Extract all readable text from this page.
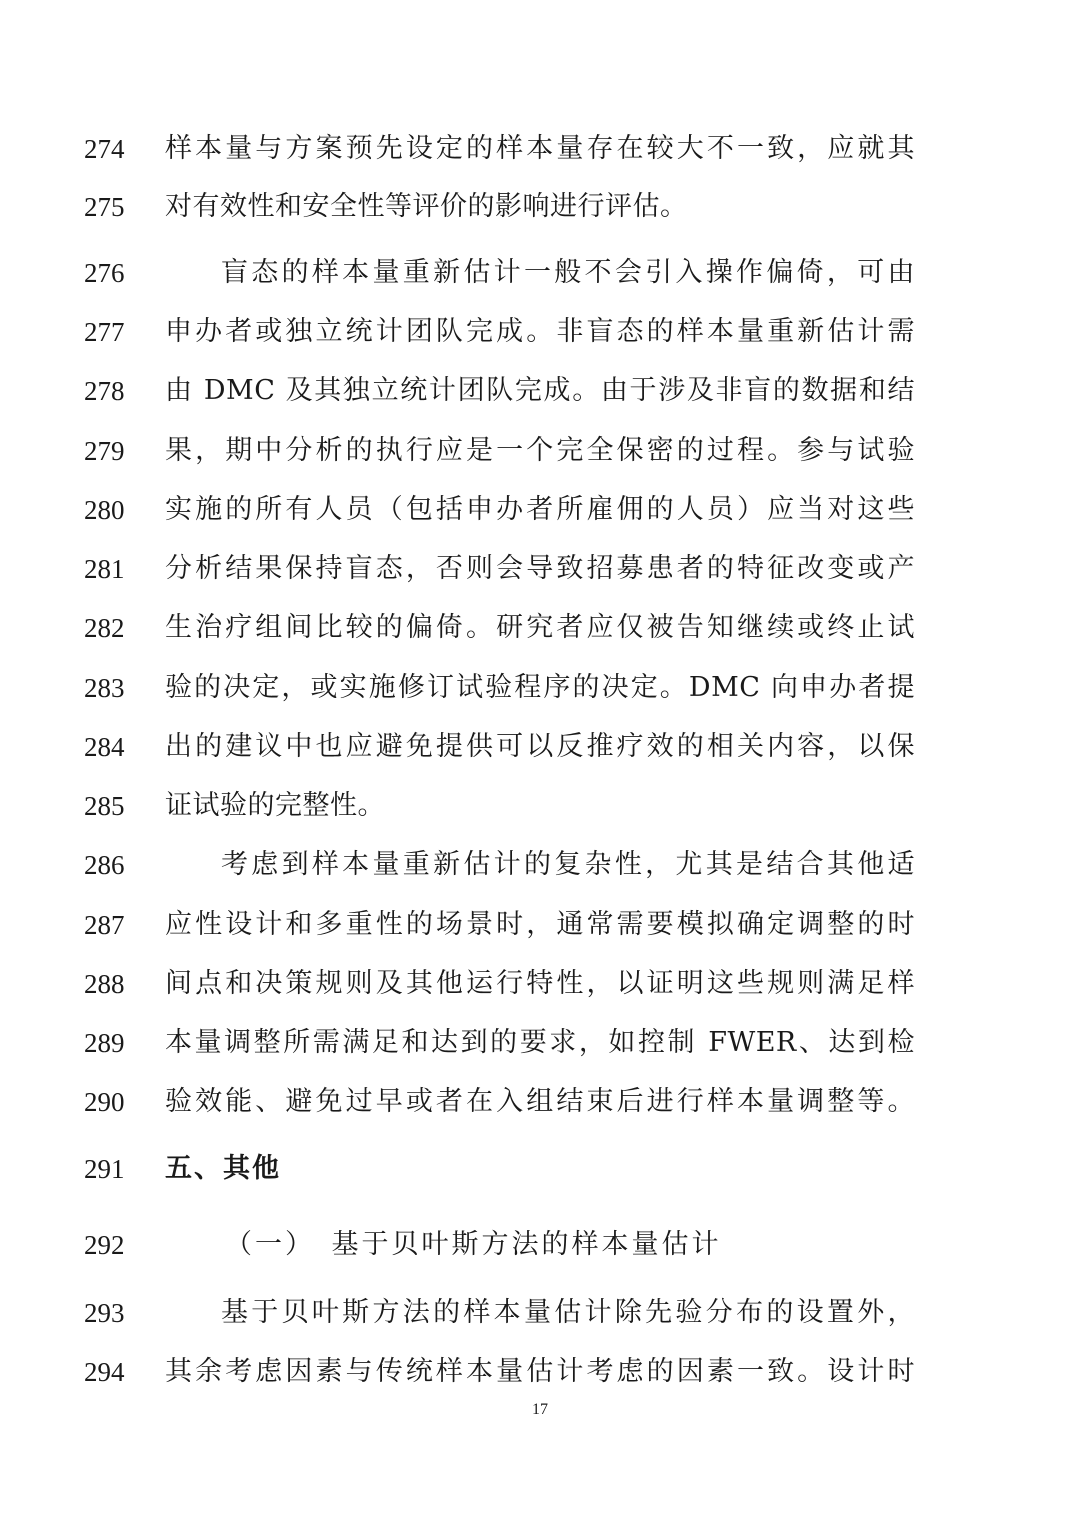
274	样本量与方案预先设定的样本量存在较大不一致，应就其
275	对有效性和安全性等评价的影响进行评估。
276	盲态的样本量重新估计一般不会引入操作偏倚，可由
277	申办者或独立统计团队完成。非盲态的样本量重新估计需
278	由 DMC 及其独立统计团队完成。由于涉及非盲的数据和结
279	果，期中分析的执行应是一个完全保密的过程。参与试验
280	实施的所有人员（包括申办者所雇佣的人员）应当对这些
281	分析结果保持盲态，否则会导致招募患者的特征改变或产
282	生治疗组间比较的偏倚。研究者应仅被告知继续或终止试
283	验的决定，或实施修订试验程序的决定。DMC 向申办者提
284	出的建议中也应避免提供可以反推疗效的相关内容，以保
285	证试验的完整性。
286	考虑到样本量重新估计的复杂性，尤其是结合其他适
287	应性设计和多重性的场景时，通常需要模拟确定调整的时
288	间点和决策规则及其他运行特性，以证明这些规则满足样
289	本量调整所需满足和达到的要求，如控制 FWER、达到检
290	验效能、避免过早或者在入组结束后进行样本量调整等。
291	五、其他
292	（一）　基于贝叶斯方法的样本量估计
293	基于贝叶斯方法的样本量估计除先验分布的设置外，
294	其余考虑因素与传统样本量估计考虑的因素一致。设计时
17
